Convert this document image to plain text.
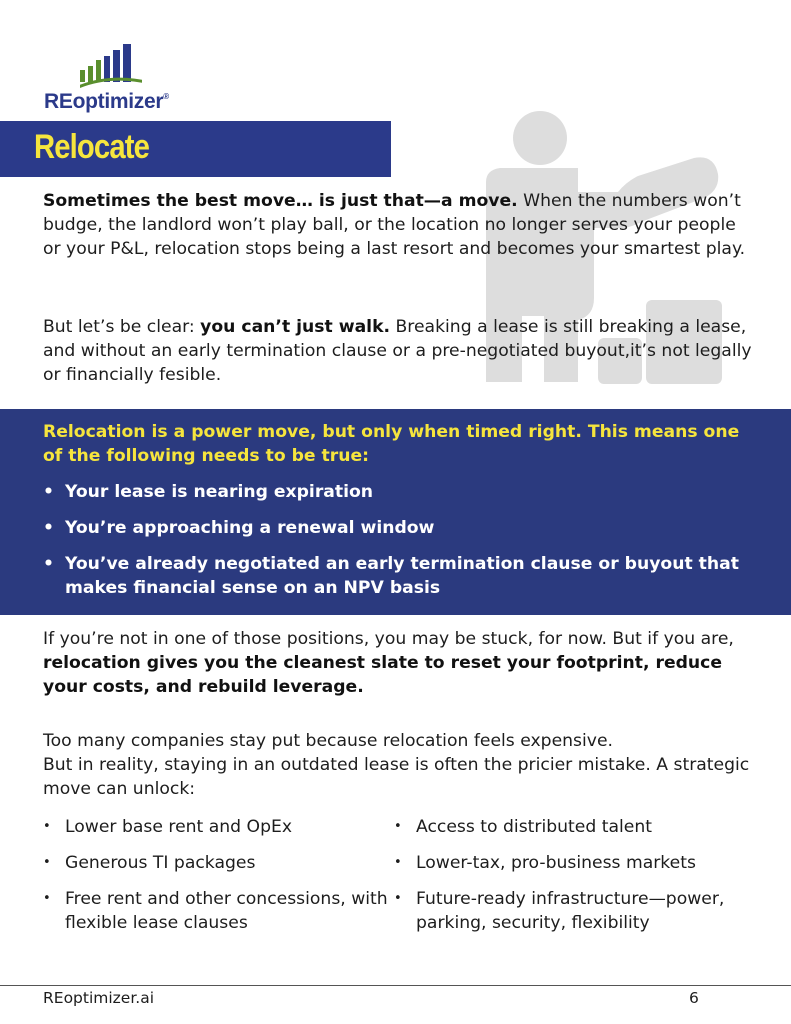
REoptimizer®
Relocate
Sometimes the best move… is just that—a move. When the numbers won’t budge, the landlord won’t play ball, or the location no longer serves your people or your P&L, relocation stops being a last resort and becomes your smartest play.
But let’s be clear: you can’t just walk. Breaking a lease is still breaking a lease, and without an early termination clause or a pre-negotiated buyout,it’s not legally or financially fesible.
Relocation is a power move, but only when timed right. This means one of the following needs to be true:
• Your lease is nearing expiration
• You’re approaching a renewal window
• You’ve already negotiated an early termination clause or buyout that makes financial sense on an NPV basis
If you’re not in one of those positions, you may be stuck, for now. But if you are, relocation gives you the cleanest slate to reset your footprint, reduce your costs, and rebuild leverage.
Too many companies stay put because relocation feels expensive.
But in reality, staying in an outdated lease is often the pricier mistake. A strategic move can unlock:
• Lower base rent and OpEx
• Generous TI packages
• Free rent and other concessions, with flexible lease clauses
• Access to distributed talent
• Lower-tax, pro-business markets
• Future-ready infrastructure—power, parking, security, flexibility
REoptimizer.ai	6
